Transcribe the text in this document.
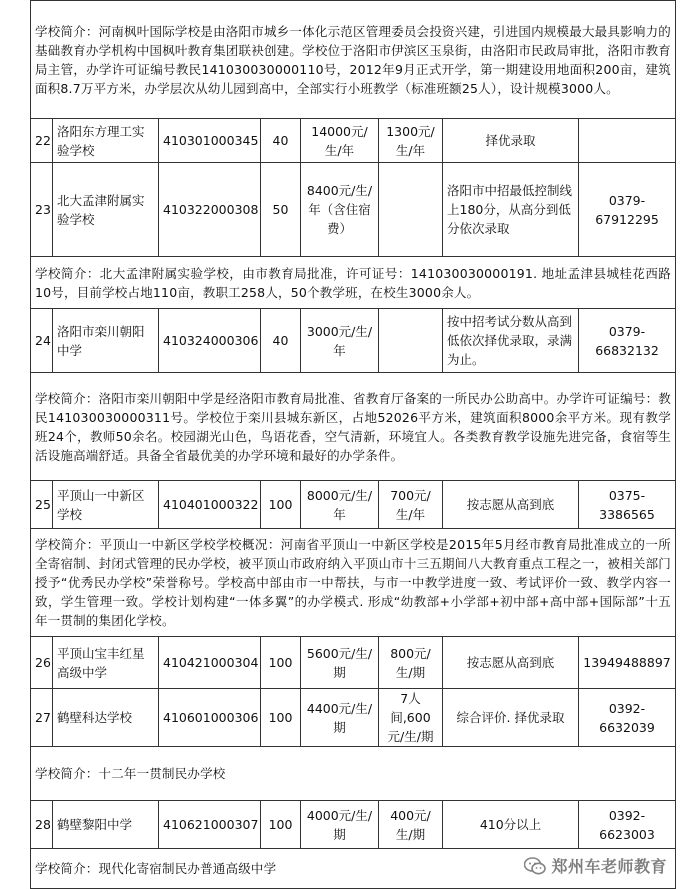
学校简介：河南枫叶国际学校是由洛阳市城乡一体化示范区管理委员会投资兴建，引进国内规模最大最具影响力的基础教育办学机构中国枫叶教育集团联袂创建。学校位于洛阳市伊滨区玉泉街，由洛阳市民政局审批，洛阳市教育局主管，办学许可证编号教民141030030000110号，2012年9月正式开学，第一期建设用地面积200亩，建筑面积8.7万平方米，办学层次从幼儿园到高中，全部实行小班教学（标准班额25人），设计规模3000人。							
22	洛阳东方理工实验学校	410301000345	40	14000元/生/年	1300元/生/年	择优录取	
23	北大孟津附属实验学校	410322000308	50	8400元/生/年（含住宿费）		洛阳市中招最低控制线上180分，从高分到低分依次录取	0379-67912295
学校简介：北大孟津附属实验学校，由市教育局批准，许可证号：141030030000191. 地址孟津县城桂花西路10号，目前学校占地110亩，教职工258人，50个教学班，在校生3000余人。							
24	洛阳市栾川朝阳中学	410324000306	40	3000元/生/年		按中招考试分数从高到低依次择优录取，录满为止。	0379-66832132
学校简介：洛阳市栾川朝阳中学是经洛阳市教育局批准、省教育厅备案的一所民办公助高中。办学许可证编号：教民141030030000311号。学校位于栾川县城东新区，占地52026平方米，建筑面积8000余平方米。现有教学班24个，教师50余名。校园湖光山色，鸟语花香，空气清新，环境宜人。各类教育教学设施先进完备，食宿等生活设施高端舒适。具备全省最优美的办学环境和最好的办学条件。							
25	平顶山一中新区学校	410401000322	100	8000元/生/年	700元/生/年	按志愿从高到底	0375-3386565
学校简介：平顶山一中新区学校学校概况：河南省平顶山一中新区学校是2015年5月经市教育局批准成立的一所全寄宿制、封闭式管理的民办学校，被平顶山市政府纳入平顶山市十三五期间八大教育重点工程之一，被相关部门授予“优秀民办学校”荣誉称号。学校高中部由市一中帮扶，与市一中教学进度一致、考试评价一致、教学内容一致，学生管理一致。学校计划构建“一体多翼”的办学模式. 形成“幼教部+小学部+初中部+高中部+国际部”十五年一贯制的集团化学校。							
26	平顶山宝丰红星高级中学	410421000304	100	5600元/生/期	800元/生/期	按志愿从高到底	13949488897
27	鹤壁科达学校	410601000306	100	4400元/生/期	7人间,600元/生/期	综合评价. 择优录取	0392-6632039
学校简介：十二年一贯制民办学校							
28	鹤壁黎阳中学	410621000307	100	4000元/生/期	400元/生/期	410分以上	0392-6623003
学校简介：现代化寄宿制民办普通高级中学								郑州车老师教育
